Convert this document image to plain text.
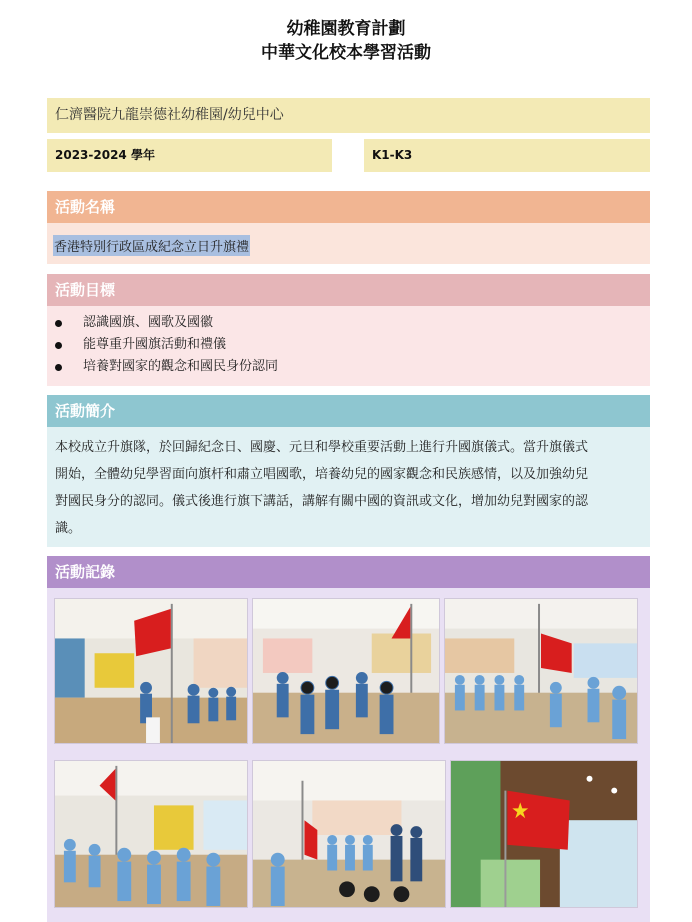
幼稚園教育計劃
中華文化校本學習活動
仁濟醫院九龍崇德社幼稚園/幼兒中心
2023-2024 學年	K1-K3
活動名稱
香港特別行政區成紀念立日升旗禮
活動目標
認識國旗、國歌及國徽
能尊重升國旗活動和禮儀
培養對國家的觀念和國民身份認同
活動簡介
本校成立升旗隊，於回歸紀念日、國慶、元旦和學校重要活動上進行升國旗儀式。當升旗儀式
開始，全體幼兒學習面向旗杆和肅立唱國歌，培養幼兒的國家觀念和民族感情，以及加強幼兒
對國民身分的認同。儀式後進行旗下講話，講解有關中國的資訊或文化，增加幼兒對國家的認
識。
活動記錄
